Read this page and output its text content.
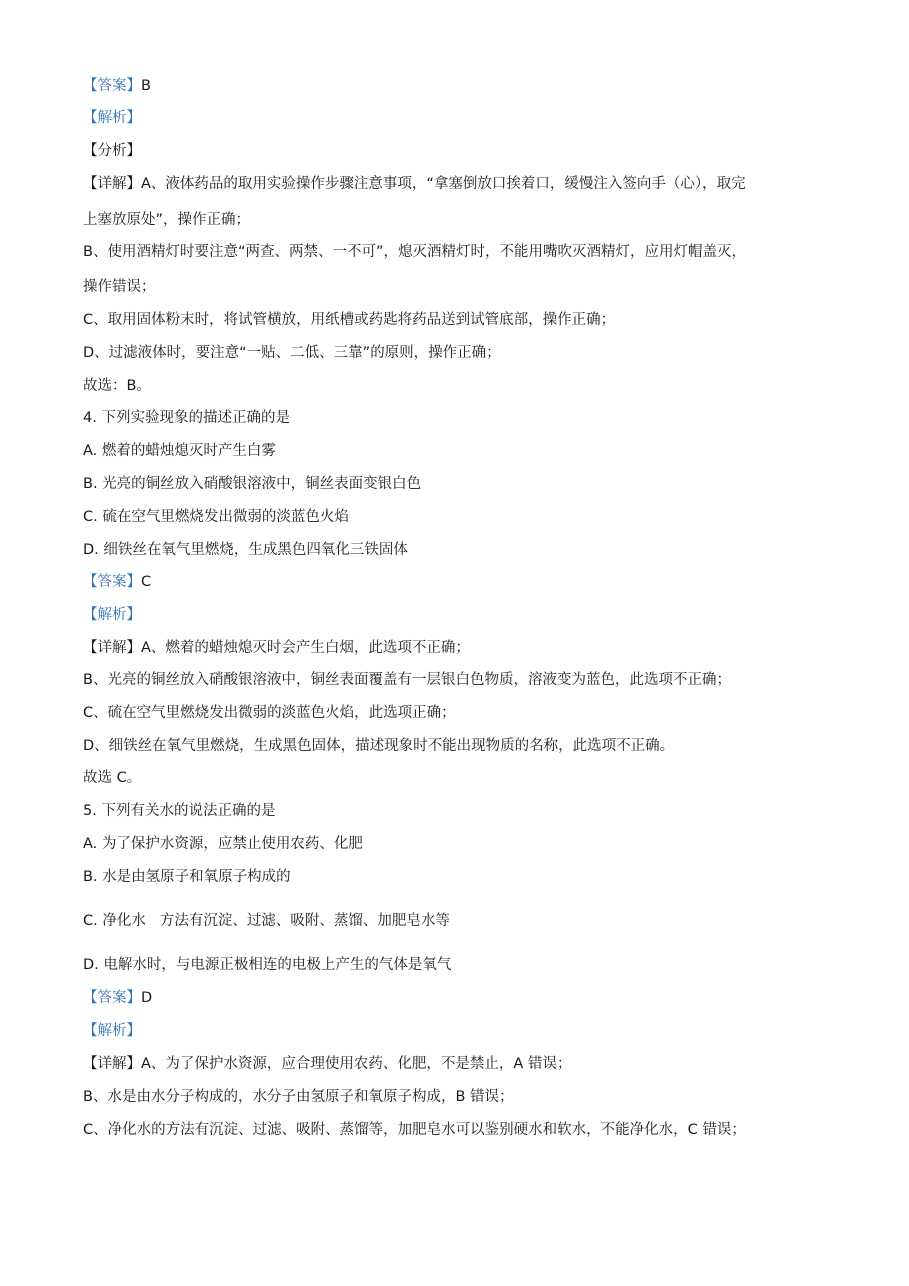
【答案】B
【解析】
【分析】
【详解】A、液体药品的取用实验操作步骤注意事项，“拿塞倒放口挨着口，缓慢注入签向手（心），取完
上塞放原处”，操作正确；
B、使用酒精灯时要注意“两查、两禁、一不可”，熄灭酒精灯时，不能用嘴吹灭酒精灯，应用灯帽盖灭，
操作错误；
C、取用固体粉末时，将试管横放，用纸槽或药匙将药品送到试管底部，操作正确；
D、过滤液体时，要注意“一贴、二低、三靠”的原则，操作正确；
故选：B。
4. 下列实验现象的描述正确的是
A. 燃着的蜡烛熄灭时产生白雾
B. 光亮的铜丝放入硝酸银溶液中，铜丝表面变银白色
C. 硫在空气里燃烧发出微弱的淡蓝色火焰
D. 细铁丝在氧气里燃烧，生成黑色四氧化三铁固体
【答案】C
【解析】
【详解】A、燃着的蜡烛熄灭时会产生白烟，此选项不正确；
B、光亮的铜丝放入硝酸银溶液中，铜丝表面覆盖有一层银白色物质，溶液变为蓝色，此选项不正确；
C、硫在空气里燃烧发出微弱的淡蓝色火焰，此选项正确；
D、细铁丝在氧气里燃烧，生成黑色固体，描述现象时不能出现物质的名称，此选项不正确。
故选 C。
5. 下列有关水的说法正确的是
A. 为了保护水资源，应禁止使用农药、化肥
B. 水是由氢原子和氧原子构成的
C. 净化水 方法有沉淀、过滤、吸附、蒸馏、加肥皂水等
D. 电解水时，与电源正极相连的电极上产生的气体是氧气
【答案】D
【解析】
【详解】A、为了保护水资源，应合理使用农药、化肥，不是禁止，A 错误；
B、水是由水分子构成的，水分子由氢原子和氧原子构成，B 错误；
C、净化水的方法有沉淀、过滤、吸附、蒸馏等，加肥皂水可以鉴别硬水和软水，不能净化水，C 错误；
